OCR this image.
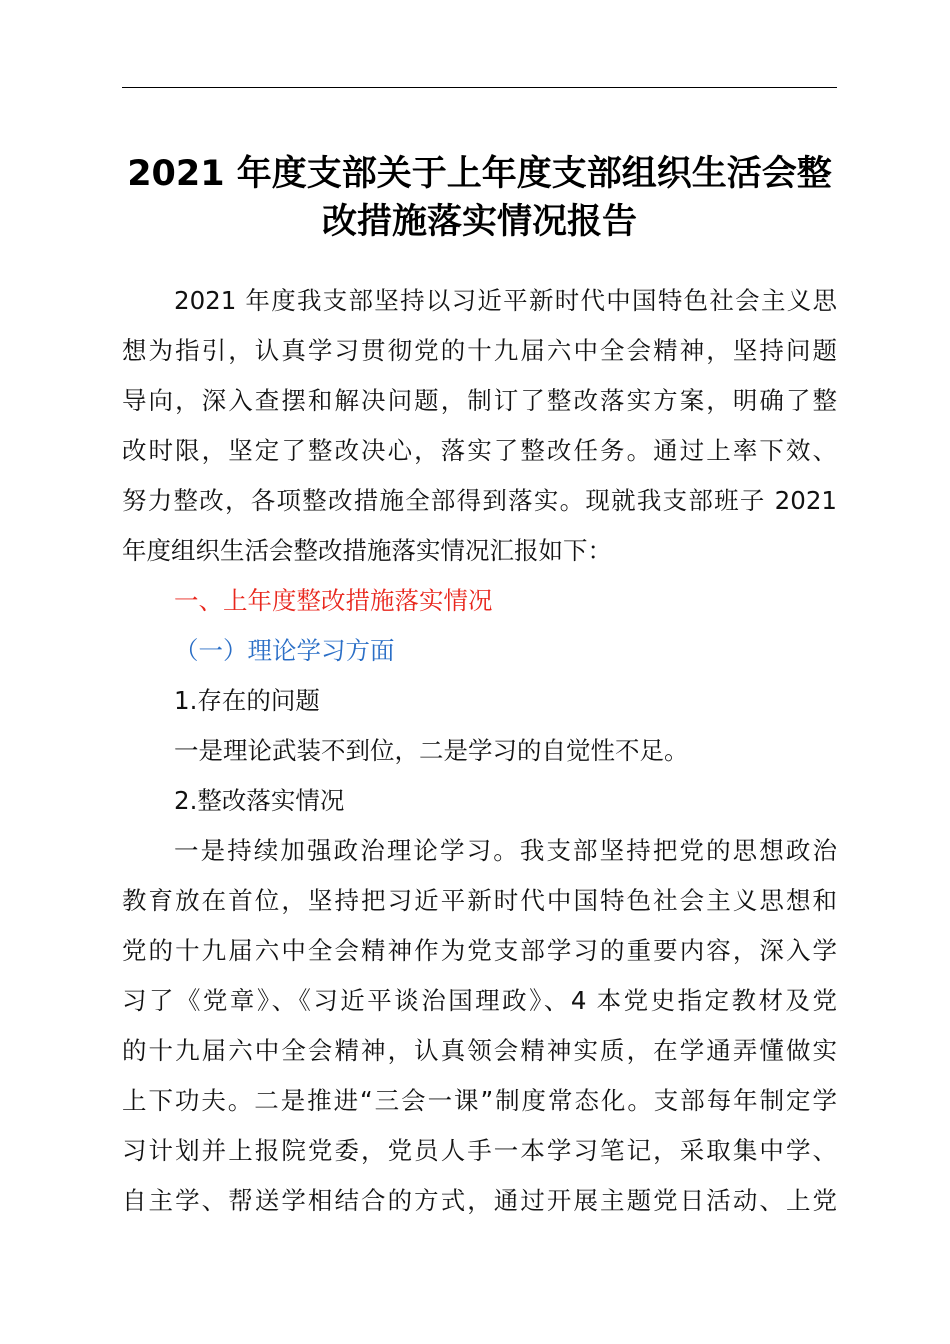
2021 年度支部关于上年度支部组织生活会整
改措施落实情况报告
2021 年度我支部坚持以习近平新时代中国特色社会主义思
想为指引，认真学习贯彻党的十九届六中全会精神，坚持问题
导向，深入查摆和解决问题，制订了整改落实方案，明确了整
改时限，坚定了整改决心，落实了整改任务。通过上率下效、
努力整改，各项整改措施全部得到落实。现就我支部班子 2021
年度组织生活会整改措施落实情况汇报如下：
一、上年度整改措施落实情况
（一）理论学习方面
1.存在的问题
一是理论武装不到位，二是学习的自觉性不足。
2.整改落实情况
一是持续加强政治理论学习。我支部坚持把党的思想政治
教育放在首位，坚持把习近平新时代中国特色社会主义思想和
党的十九届六中全会精神作为党支部学习的重要内容，深入学
习了《党章》、《习近平谈治国理政》、4 本党史指定教材及党
的十九届六中全会精神，认真领会精神实质，在学通弄懂做实
上下功夫。二是推进“三会一课”制度常态化。支部每年制定学
习计划并上报院党委，党员人手一本学习笔记，采取集中学、
自主学、帮送学相结合的方式，通过开展主题党日活动、上党
